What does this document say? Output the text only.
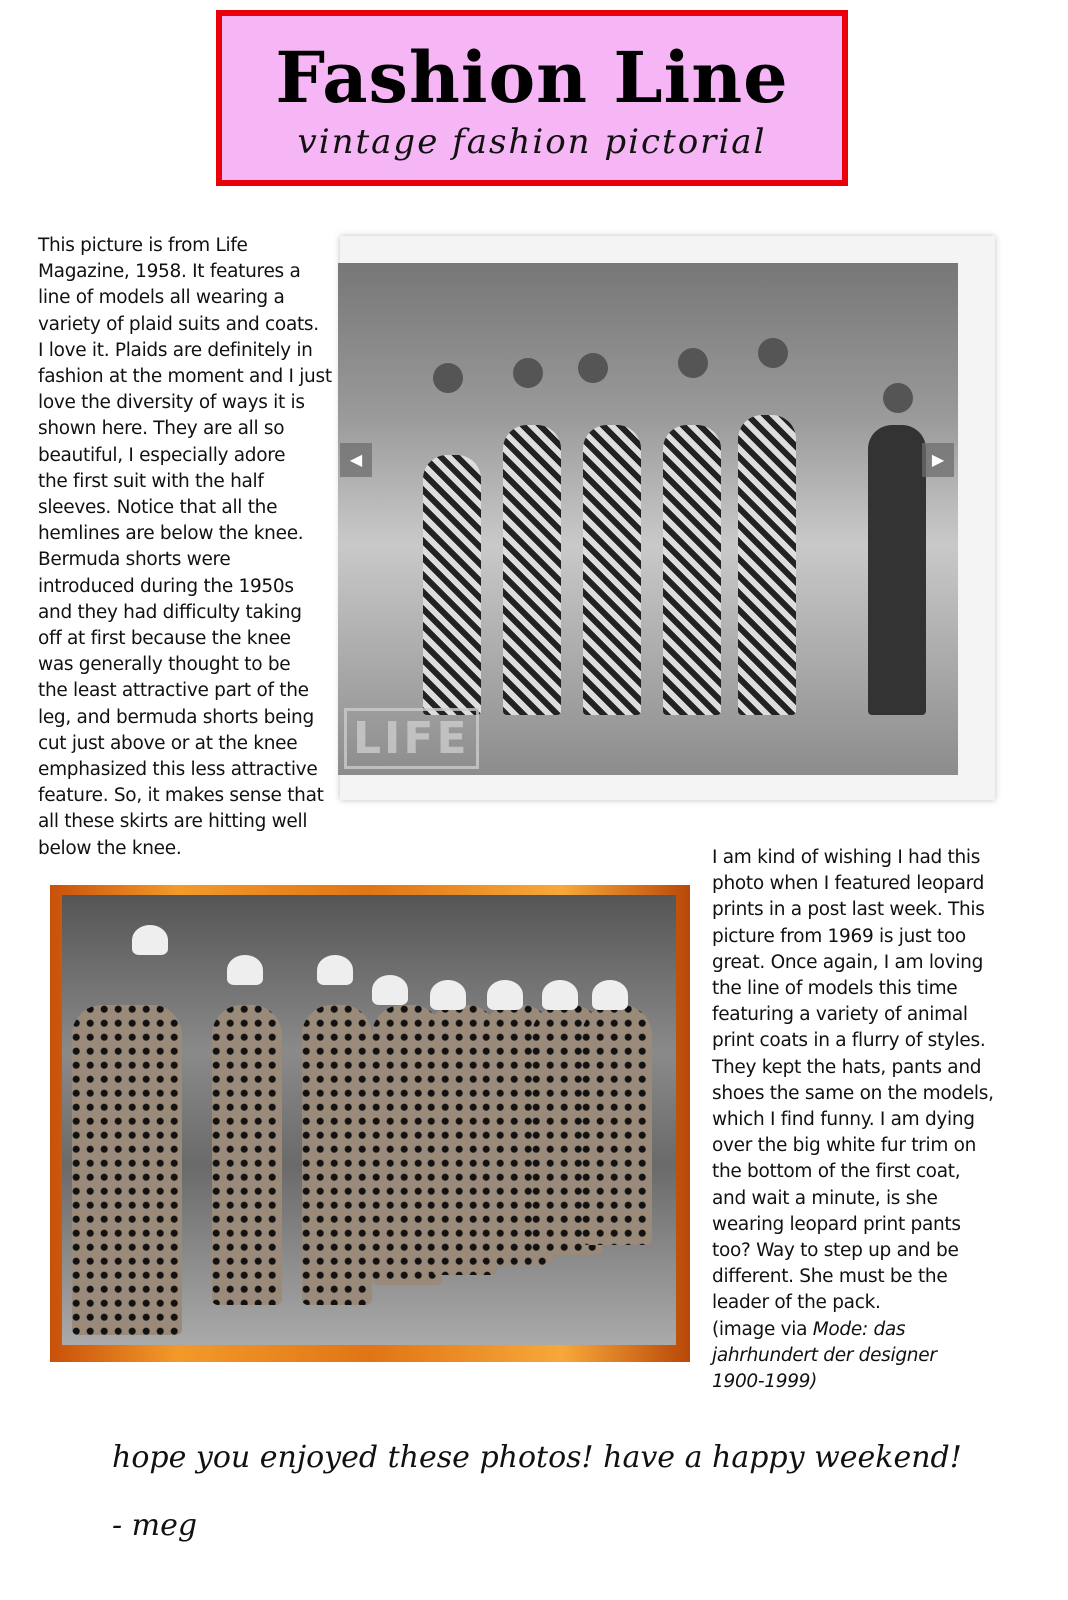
Fashion Line
vintage fashion pictorial
This picture is from Life
Magazine, 1958. It features a
line of models all wearing a
variety of plaid suits and coats.
I love it. Plaids are definitely in
fashion at the moment and I just
love the diversity of ways it is
shown here. They are all so
beautiful, I especially adore
the first suit with the half
sleeves. Notice that all the
hemlines are below the knee.
Bermuda shorts were
introduced during the 1950s
and they had difficulty taking
off at first because the knee
was generally thought to be
the least attractive part of the
leg, and bermuda shorts being
cut just above or at the knee
emphasized this less attractive
feature. So, it makes sense that
all these skirts are hitting well
below the knee.
LIFE
◀	▶
I am kind of wishing I had this
photo when I featured leopard
prints in a post last week. This
picture from 1969 is just too
great. Once again, I am loving
the line of models this time
featuring a variety of animal
print coats in a flurry of styles.
They kept the hats, pants and
shoes the same on the models,
which I find funny. I am dying
over the big white fur trim on
the bottom of the first coat,
and wait a minute, is she
wearing leopard print pants
too? Way to step up and be
different. She must be the
leader of the pack.
(image via Mode: das
jahrhundert der designer
1900-1999)
hope you enjoyed these photos! have a happy weekend!
- meg
